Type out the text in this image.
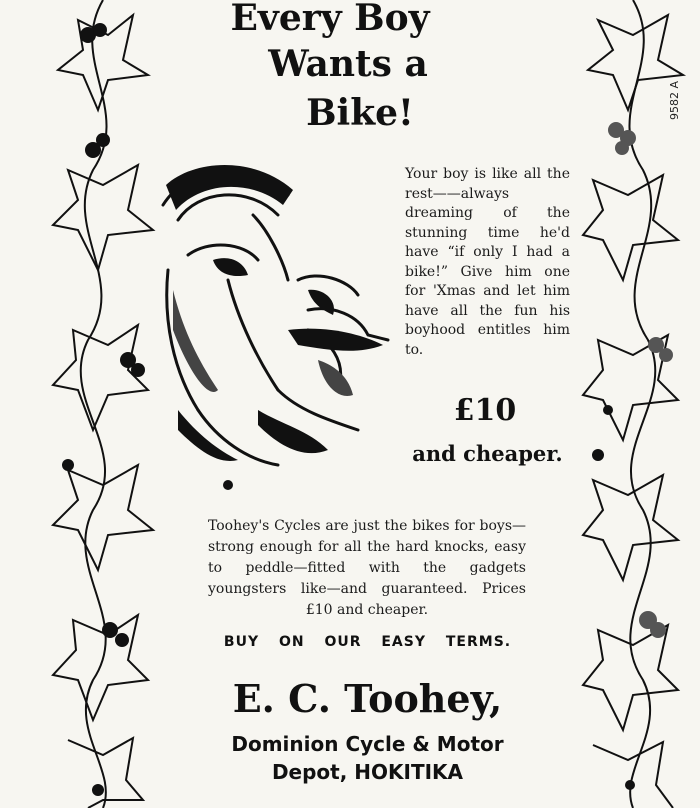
9582 A
Every Boy
Wants a
Bike!
Your boy is like all the rest——always dreaming of the stunning time he'd have “if only I had a bike!” Give him one for 'Xmas and let him have all the fun his boyhood entitles him to.
£10
and cheaper.
Toohey's Cycles are just the bikes for boys—strong enough for all the hard knocks, easy to peddle—fitted with the gadgets youngsters like—and guaranteed. Prices £10 and cheaper.
BUY ON OUR EASY TERMS.
E. C. Toohey,
Dominion Cycle & Motor
Depot, HOKITIKA
